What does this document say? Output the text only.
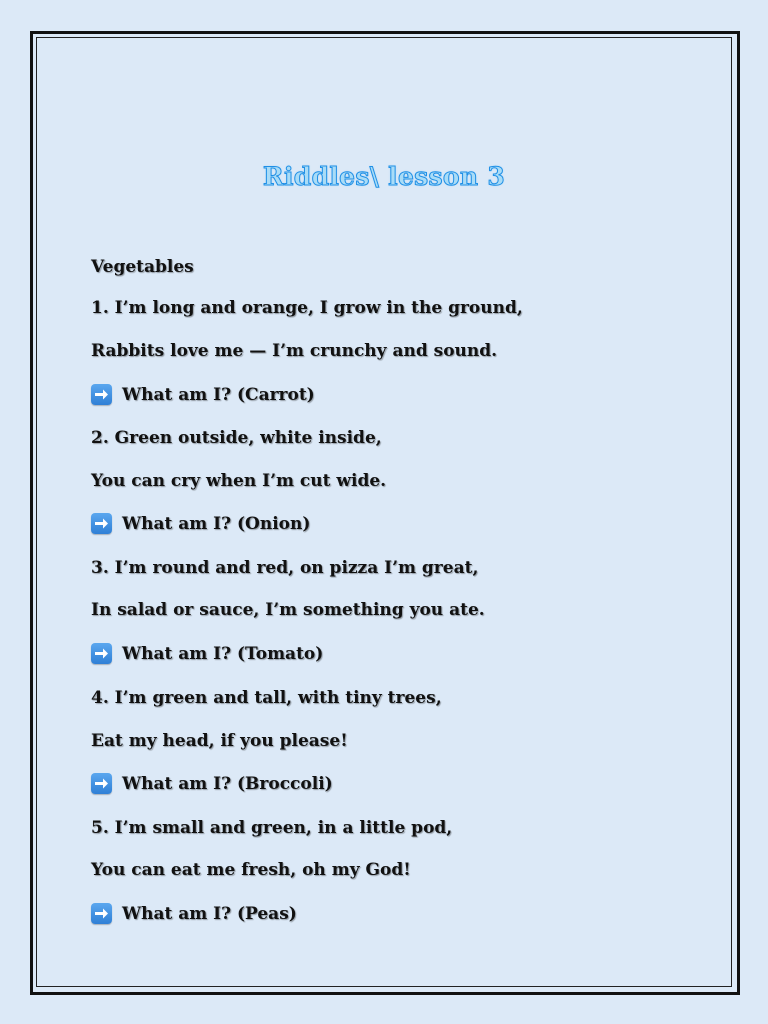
Riddles\ lesson 3
Vegetables
1. I’m long and orange, I grow in the ground,
Rabbits love me — I’m crunchy and sound.
What am I? (Carrot)
2. Green outside, white inside,
You can cry when I’m cut wide.
What am I? (Onion)
3. I’m round and red, on pizza I’m great,
In salad or sauce, I’m something you ate.
What am I? (Tomato)
4. I’m green and tall, with tiny trees,
Eat my head, if you please!
What am I? (Broccoli)
5. I’m small and green, in a little pod,
You can eat me fresh, oh my God!
What am I? (Peas)
